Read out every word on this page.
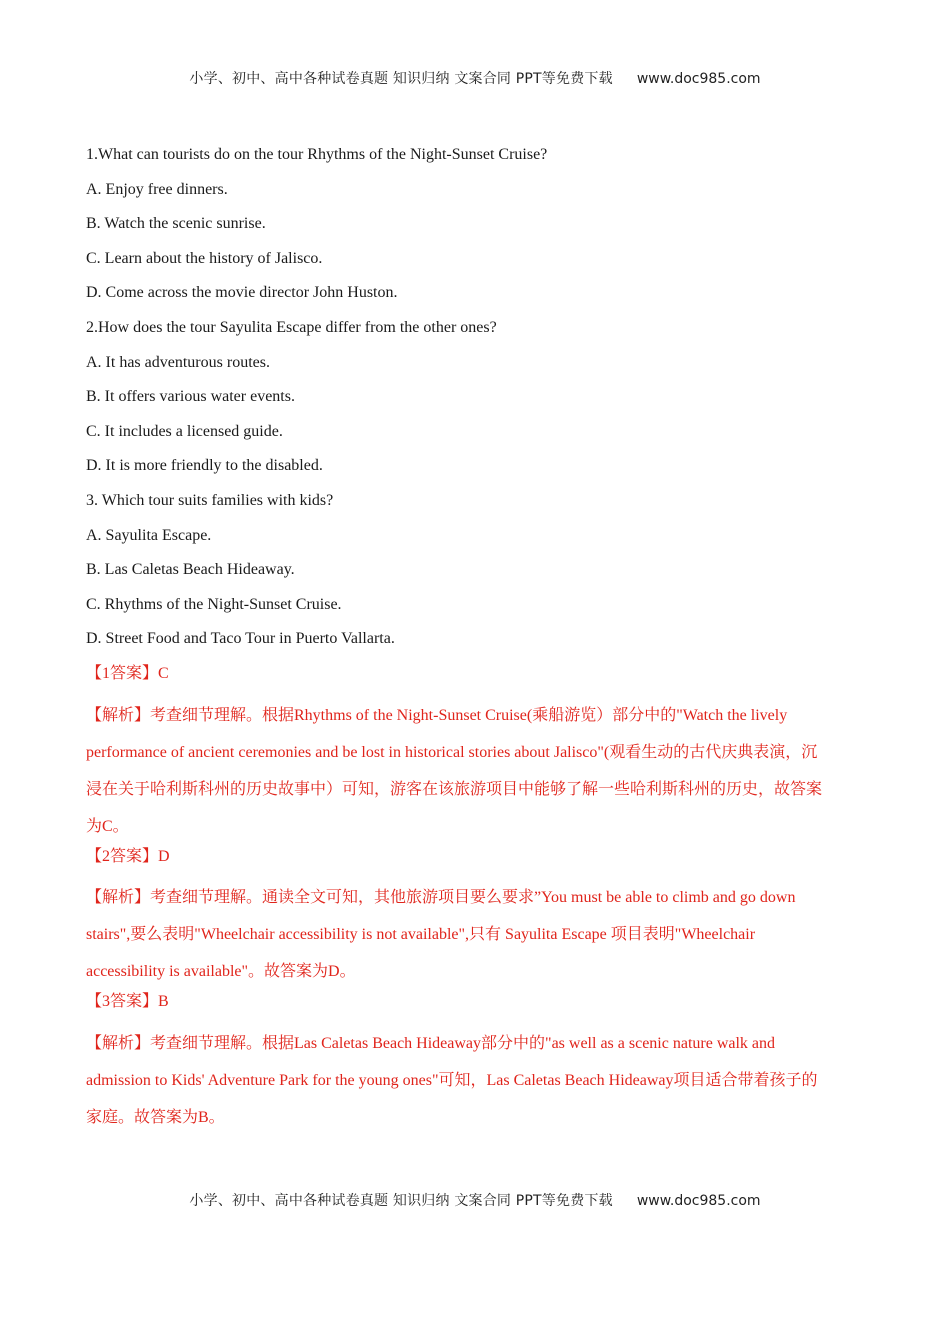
小学、初中、高中各种试卷真题 知识归纳 文案合同 PPT等免费下载 www.doc985.com
1.What can tourists do on the tour Rhythms of the Night-Sunset Cruise?
A. Enjoy free dinners.
B. Watch the scenic sunrise.
C. Learn about the history of Jalisco.
D. Come across the movie director John Huston.
2.How does the tour Sayulita Escape differ from the other ones?
A. It has adventurous routes.
B. It offers various water events.
C. It includes a licensed guide.
D. It is more friendly to the disabled.
3. Which tour suits families with kids?
A. Sayulita Escape.
B. Las Caletas Beach Hideaway.
C. Rhythms of the Night-Sunset Cruise.
D. Street Food and Taco Tour in Puerto Vallarta.
【1答案】C

【解析】考查细节理解。根据Rhythms of the Night-Sunset Cruise(乘船游览）部分中的"Watch the lively

performance of ancient ceremonies and be lost in historical stories about Jalisco"(观看生动的古代庆典表演，沉

浸在关于哈利斯科州的历史故事中）可知，游客在该旅游项目中能够了解一些哈利斯科州的历史，故答案

为C。

【2答案】D

【解析】考查细节理解。通读全文可知，其他旅游项目要么要求”You must be able to climb and go down

stairs",要么表明"Wheelchair accessibility is not available",只有 Sayulita Escape 项目表明"Wheelchair

accessibility is available"。故答案为D。

【3答案】B

【解析】考查细节理解。根据Las Caletas Beach Hideaway部分中的"as well as a scenic nature walk and

admission to Kids' Adventure Park for the young ones"可知，Las Caletas Beach Hideaway项目适合带着孩子的

家庭。故答案为B。

小学、初中、高中各种试卷真题 知识归纳 文案合同 PPT等免费下载 www.doc985.com
